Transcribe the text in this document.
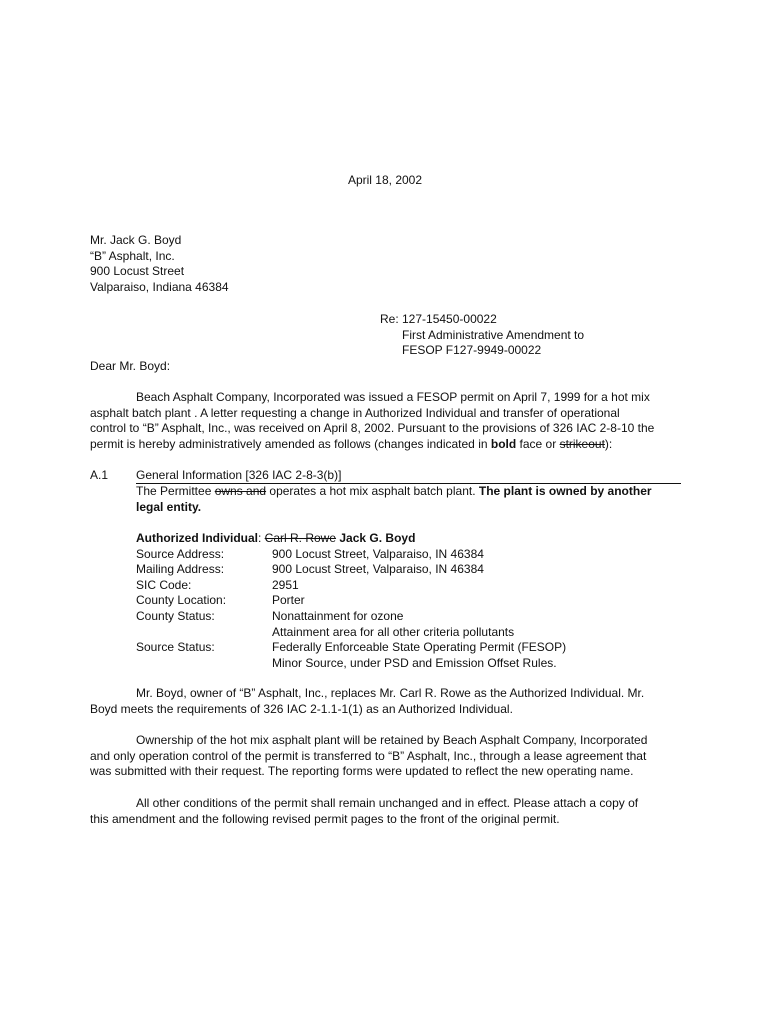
April 18, 2002
Mr. Jack G. Boyd
“B” Asphalt, Inc.
900 Locust Street
Valparaiso, Indiana 46384
Re: 127-15450-00022
First Administrative Amendment to
FESOP F127-9949-00022
Dear Mr. Boyd:
Beach Asphalt Company, Incorporated was issued a FESOP permit on April 7, 1999 for a hot mix
asphalt batch plant . A letter requesting a change in Authorized Individual and transfer of operational
control to “B” Asphalt, Inc., was received on April 8, 2002. Pursuant to the provisions of 326 IAC 2-8-10 the
permit is hereby administratively amended as follows (changes indicated in bold face or strikeout):
A.1 General Information [326 IAC 2-8-3(b)]
The Permittee owns and operates a hot mix asphalt batch plant. The plant is owned by another
legal entity.
Authorized Individual: Carl R. Rowe Jack G. Boyd
Source Address:	900 Locust Street, Valparaiso, IN 46384
Mailing Address:	900 Locust Street, Valparaiso, IN 46384
SIC Code:	2951
County Location:	Porter
County Status:	Nonattainment for ozone
Attainment area for all other criteria pollutants
Source Status:	Federally Enforceable State Operating Permit (FESOP)
Minor Source, under PSD and Emission Offset Rules.
Mr. Boyd, owner of “B” Asphalt, Inc., replaces Mr. Carl R. Rowe as the Authorized Individual. Mr.
Boyd meets the requirements of 326 IAC 2-1.1-1(1) as an Authorized Individual.
Ownership of the hot mix asphalt plant will be retained by Beach Asphalt Company, Incorporated
and only operation control of the permit is transferred to “B” Asphalt, Inc., through a lease agreement that
was submitted with their request. The reporting forms were updated to reflect the new operating name.
All other conditions of the permit shall remain unchanged and in effect. Please attach a copy of
this amendment and the following revised permit pages to the front of the original permit.
